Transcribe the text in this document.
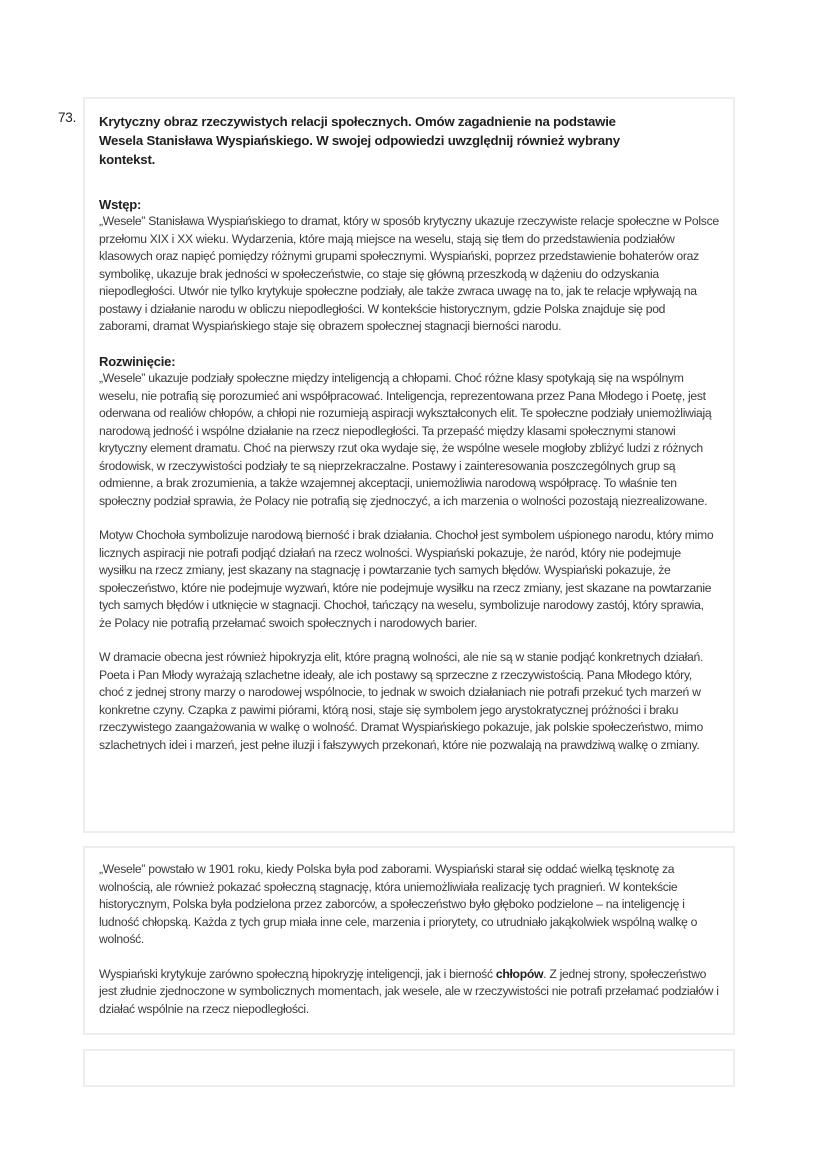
73. Krytyczny obraz rzeczywistych relacji społecznych. Omów zagadnienie na podstawie Wesela Stanisława Wyspiańskiego. W swojej odpowiedzi uwzględnij również wybrany kontekst.

Wstęp:

„Wesele” Stanisława Wyspiańskiego to dramat, który w sposób krytyczny ukazuje rzeczywiste relacje społeczne w Polsce przełomu XIX i XX wieku. Wydarzenia, które mają miejsce na weselu, stają się tłem do przedstawienia podziałów klasowych oraz napięć pomiędzy różnymi grupami społecznymi. Wyspiański, poprzez przedstawienie bohaterów oraz symbolikę, ukazuje brak jedności w społeczeństwie, co staje się główną przeszkodą w dążeniu do odzyskania niepodległości. Utwór nie tylko krytykuje społeczne podziały, ale także zwraca uwagę na to, jak te relacje wpływają na postawy i działanie narodu w obliczu niepodległości. W kontekście historycznym, gdzie Polska znajduje się pod zaborami, dramat Wyspiańskiego staje się obrazem społecznej stagnacji bierności narodu.

Rozwinięcie:

„Wesele” ukazuje podziały społeczne między inteligencją a chłopami. Choć różne klasy spotykają się na wspólnym weselu, nie potrafią się porozumieć ani współpracować. Inteligencja, reprezentowana przez Pana Młodego i Poetę, jest oderwana od realiów chłopów, a chłopi nie rozumieją aspiracji wykształconych elit. Te społeczne podziały uniemożliwiają narodową jedność i wspólne działanie na rzecz niepodległości. Ta przepaść między klasami społecznymi stanowi krytyczny element dramatu. Choć na pierwszy rzut oka wydaje się, że wspólne wesele mogłoby zbliżyć ludzi z różnych środowisk, w rzeczywistości podziały te są nieprzekraczalne. Postawy i zainteresowania poszczególnych grup są odmienne, a brak zrozumienia, a także wzajemnej akceptacji, uniemożliwia narodową współpracę. To właśnie ten społeczny podział sprawia, że Polacy nie potrafią się zjednoczyć, a ich marzenia o wolności pozostają niezrealizowane.

Motyw Chochoła symbolizuje narodową bierność i brak działania. Chochoł jest symbolem uśpionego narodu, który mimo licznych aspiracji nie potrafi podjąć działań na rzecz wolności. Wyspiański pokazuje, że naród, który nie podejmuje wysiłku na rzecz zmiany, jest skazany na stagnację i powtarzanie tych samych błędów. Wyspiański pokazuje, że społeczeństwo, które nie podejmuje wyzwań, które nie podejmuje wysiłku na rzecz zmiany, jest skazane na powtarzanie tych samych błędów i utknięcie w stagnacji. Chochoł, tańczący na weselu, symbolizuje narodowy zastój, który sprawia, że Polacy nie potrafią przełamać swoich społecznych i narodowych barier.

W dramacie obecna jest również hipokryzja elit, które pragną wolności, ale nie są w stanie podjąć konkretnych działań. Poeta i Pan Młody wyrażają szlachetne ideały, ale ich postawy są sprzeczne z rzeczywistością. Pana Młodego który, choć z jednej strony marzy o narodowej wspólnocie, to jednak w swoich działaniach nie potrafi przekuć tych marzeń w konkretne czyny. Czapka z pawimi piórami, którą nosi, staje się symbolem jego arystokratycznej próżności i braku rzeczywistego zaangażowania w walkę o wolność. Dramat Wyspiańskiego pokazuje, jak polskie społeczeństwo, mimo szlachetnych idei i marzeń, jest pełne iluzji i fałszywych przekonań, które nie pozwalają na prawdziwą walkę o zmiany.

„Wesele” powstało w 1901 roku, kiedy Polska była pod zaborami. Wyspiański starał się oddać wielką tęsknotę za wolnością, ale również pokazać społeczną stagnację, która uniemożliwiała realizację tych pragnień. W kontekście historycznym, Polska była podzielona przez zaborców, a społeczeństwo było głęboko podzielone – na inteligencję i ludność chłopską. Każda z tych grup miała inne cele, marzenia i priorytety, co utrudniało jakąkolwiek wspólną walkę o wolność.

Wyspiański krytykuje zarówno społeczną hipokryzję inteligencji, jak i bierność chłopów. Z jednej strony, społeczeństwo jest złudnie zjednoczone w symbolicznych momentach, jak wesele, ale w rzeczywistości nie potrafi przełamać podziałów i działać wspólnie na rzecz niepodległości.
